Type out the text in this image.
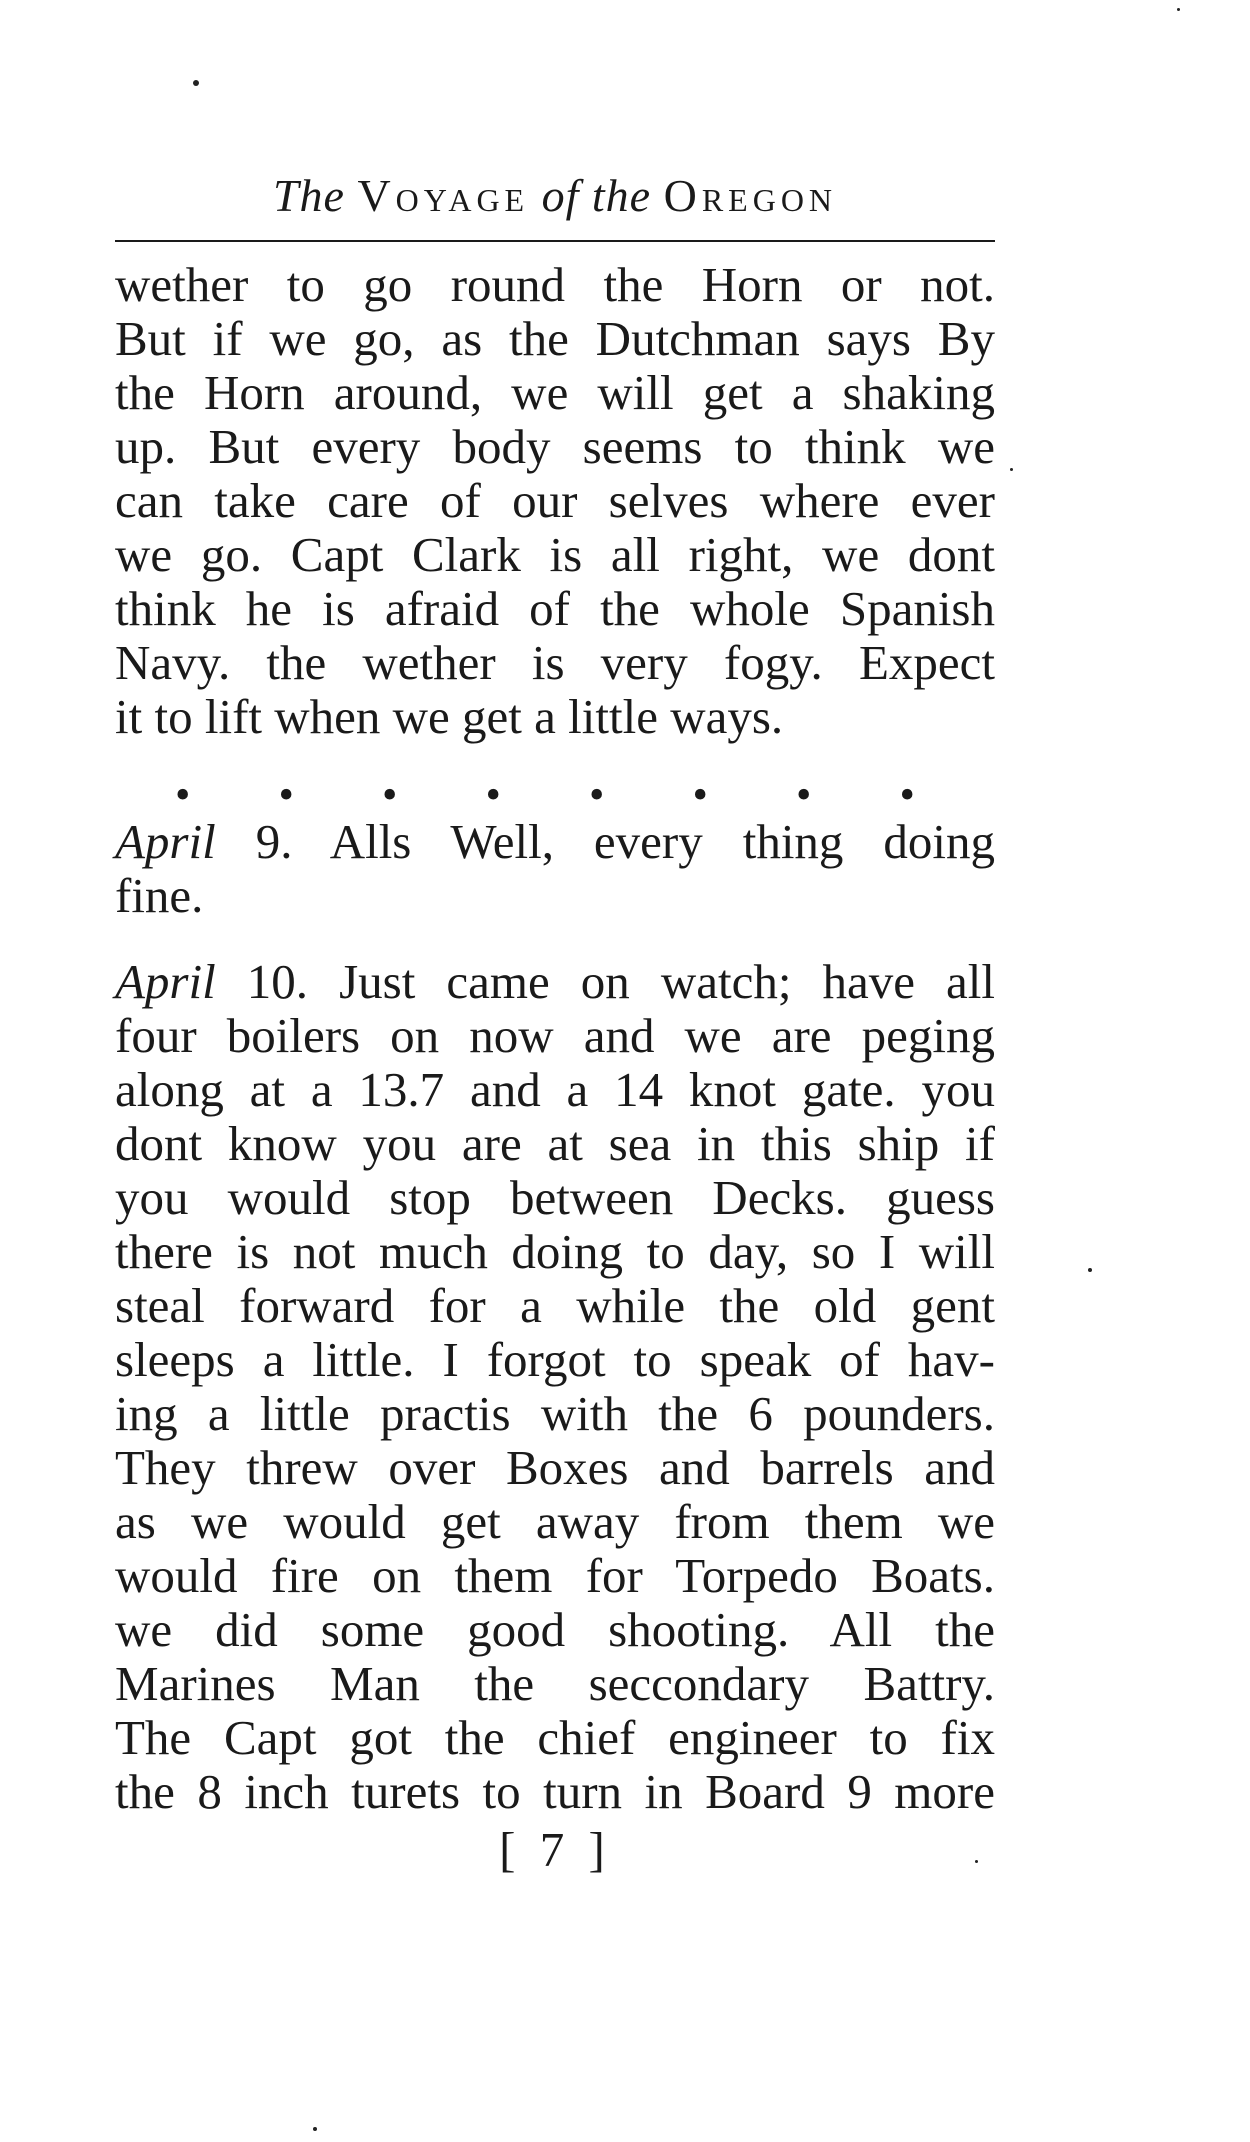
The Voyage of the Oregon
wether to go round the Horn or not.
But if we go, as the Dutchman says By
the Horn around, we will get a shaking
up. But every body seems to think we
can take care of our selves where ever
we go. Capt Clark is all right, we dont
think he is afraid of the whole Spanish
Navy. the wether is very fogy. Expect
it to lift when we get a little ways.
• • • • • • • •
April 9. Alls Well, every thing doing
fine.
April 10. Just came on watch; have all
four boilers on now and we are peging
along at a 13.7 and a 14 knot gate. you
dont know you are at sea in this ship if
you would stop between Decks. guess
there is not much doing to day, so I will
steal forward for a while the old gent
sleeps a little. I forgot to speak of hav-
ing a little practis with the 6 pounders.
They threw over Boxes and barrels and
as we would get away from them we
would fire on them for Torpedo Boats.
we did some good shooting. All the
Marines Man the seccondary Battry.
The Capt got the chief engineer to fix
the 8 inch turets to turn in Board 9 more
[ 7 ]
